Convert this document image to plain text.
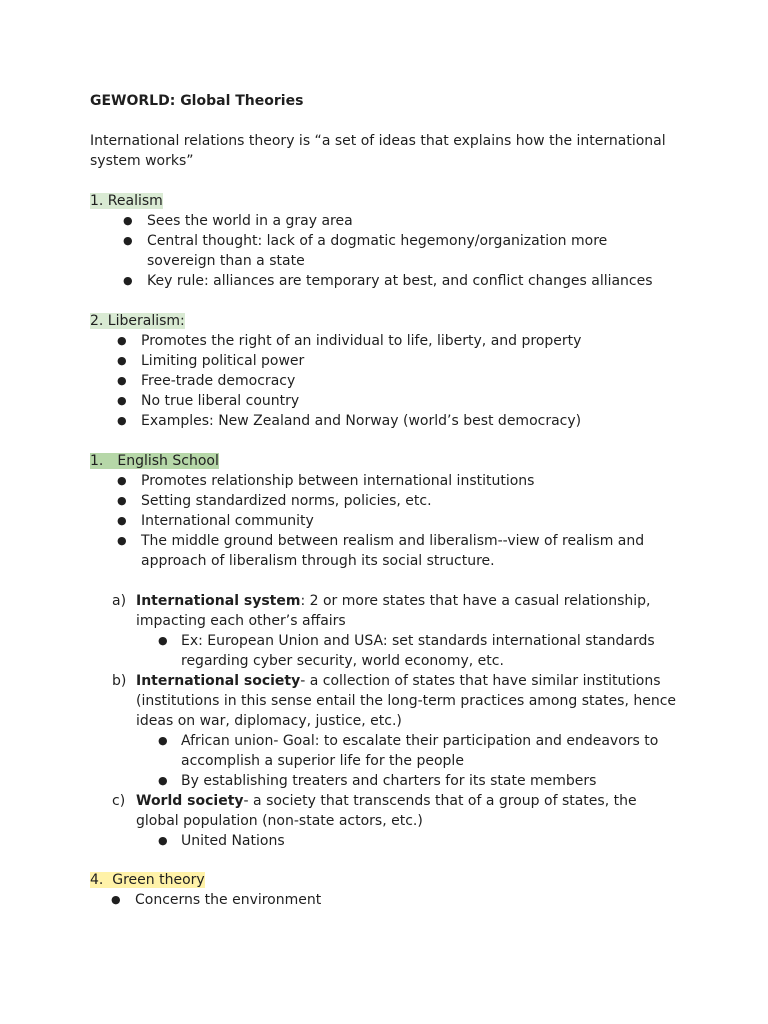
GEWORLD: Global Theories
International relations theory is “a set of ideas that explains how the international system works”
1. Realism
● Sees the world in a gray area
● Central thought: lack of a dogmatic hegemony/organization more sovereign than a state
● Key rule: alliances are temporary at best, and conflict changes alliances
2. Liberalism:
● Promotes the right of an individual to life, liberty, and property
● Limiting political power
● Free-trade democracy
● No true liberal country
● Examples: New Zealand and Norway (world’s best democracy)
1. English School
● Promotes relationship between international institutions
● Setting standardized norms, policies, etc.
● International community
● The middle ground between realism and liberalism--view of realism and approach of liberalism through its social structure.
a) International system: 2 or more states that have a casual relationship, impacting each other’s affairs
● Ex: European Union and USA: set standards international standards regarding cyber security, world economy, etc.
b) International society- a collection of states that have similar institutions (institutions in this sense entail the long-term practices among states, hence ideas on war, diplomacy, justice, etc.)
● African union- Goal: to escalate their participation and endeavors to accomplish a superior life for the people
● By establishing treaters and charters for its state members
c) World society- a society that transcends that of a group of states, the global population (non-state actors, etc.)
● United Nations
4.  Green theory
● Concerns the environment
